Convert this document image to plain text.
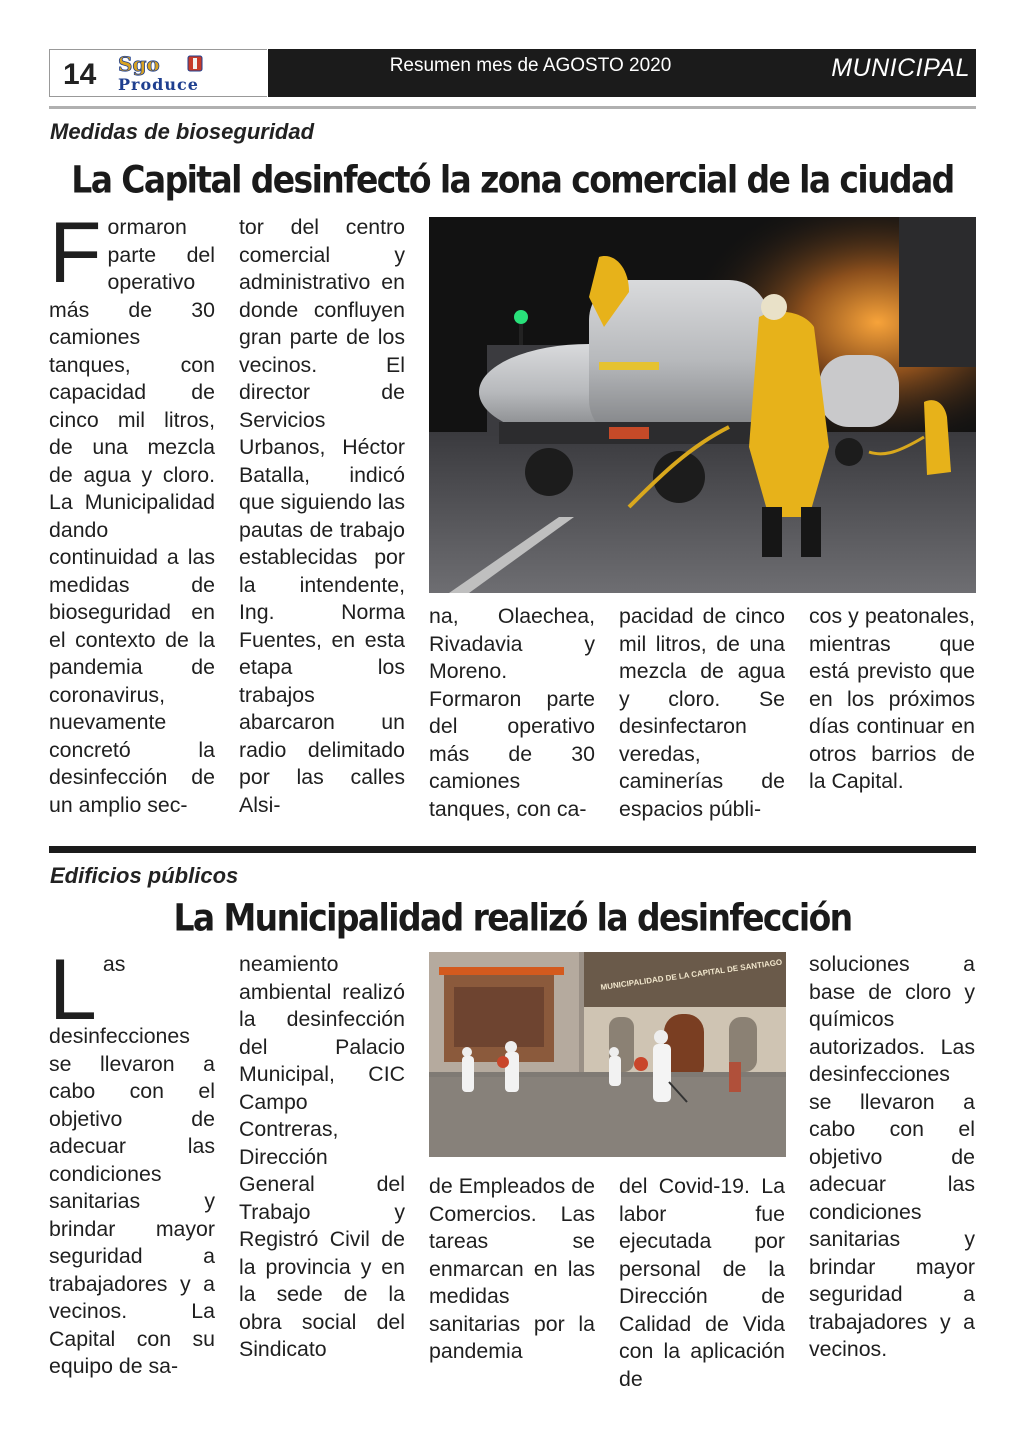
14 Sgo
Produce
Resumen mes de AGOSTO 2020	MUNICIPAL
Medidas de bioseguridad
La Capital desinfectó la zona comercial de la ciudad
Formaron parte del operativo más de 30 camiones tanques, con capacidad de cinco mil litros, de una mezcla de agua y cloro. La Municipalidad dando continuidad a las medidas de bioseguridad en el contexto de la pandemia de coronavirus, nuevamente concretó la desinfección de un amplio sec-
tor del centro comercial y administrativo en donde confluyen gran parte de los vecinos. El director de Servicios Urbanos, Héctor Batalla, indicó que siguiendo las pautas de trabajo establecidas por la intendente, Ing. Norma Fuentes, en esta etapa los trabajos abarcaron un radio delimitado por las calles Alsi-
na, Olaechea, Rivadavia y Moreno. Formaron parte del operativo más de 30 camiones tanques, con ca-
pacidad de cinco mil litros, de una mezcla de agua y cloro. Se desinfectaron veredas, caminerías de espacios públi-
cos y peatonales, mientras que está previsto que en los próximos días continuar en otros barrios de la Capital.
Edificios públicos
La Municipalidad realizó la desinfección
Las desinfecciones se llevaron a cabo con el objetivo de adecuar las condiciones sanitarias y brindar mayor seguridad a trabajadores y a vecinos. La Capital con su equipo de sa-
neamiento ambiental realizó la desinfección del Palacio Municipal, CIC Campo Contreras, Dirección General del Trabajo y Registró Civil de la provincia y en la sede de la obra social del Sindicato
MUNICIPALIDAD DE LA CAPITAL DE SANTIAGO
de Empleados de Comercios. Las tareas se enmarcan en las medidas sanitarias por la pandemia
del Covid-19. La labor fue ejecutada por personal de la Dirección de Calidad de Vida con la aplicación de
soluciones a base de cloro y químicos autorizados. Las desinfecciones se llevaron a cabo con el objetivo de adecuar las condiciones sanitarias y brindar mayor seguridad a trabajadores y a vecinos.
